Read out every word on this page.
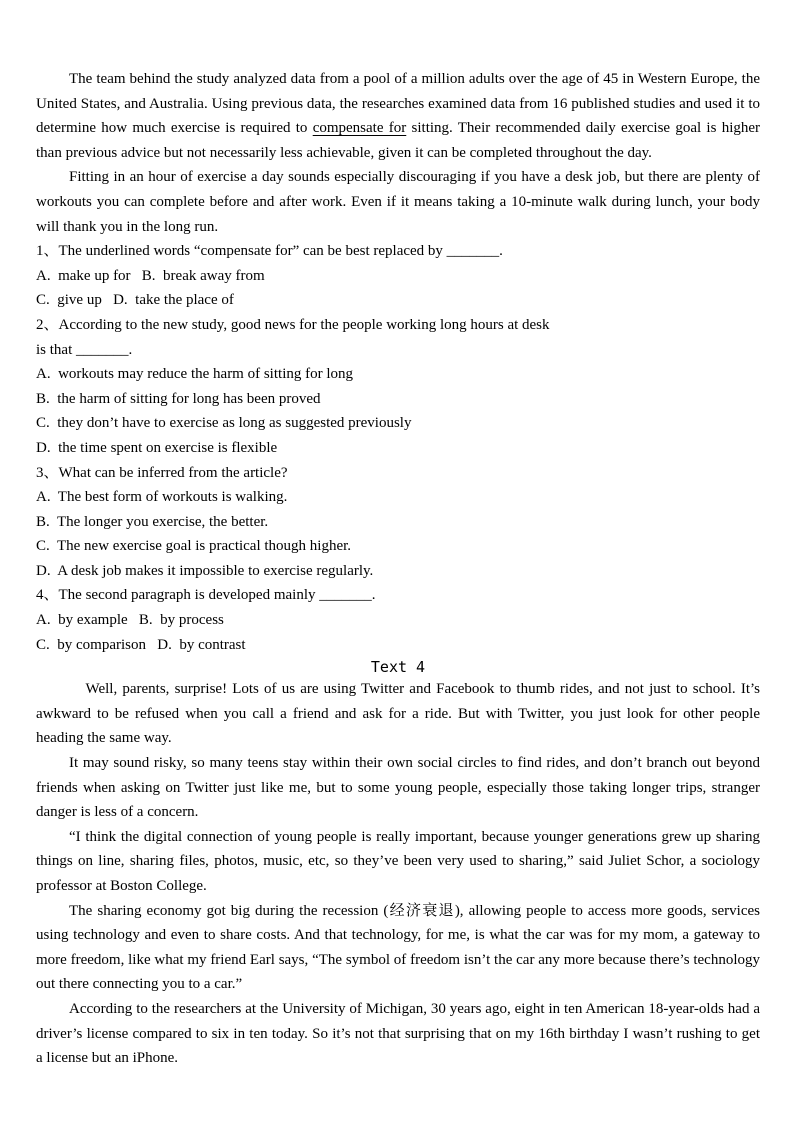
The team behind the study analyzed data from a pool of a million adults over the age of 45 in Western Europe, the United States, and Australia. Using previous data, the researches examined data from 16 published studies and used it to determine how much exercise is required to compensate for sitting. Their recommended daily exercise goal is higher than previous advice but not necessarily less achievable, given it can be completed throughout the day.

Fitting in an hour of exercise a day sounds especially discouraging if you have a desk job, but there are plenty of workouts you can complete before and after work. Even if it means taking a 10-minute walk during lunch, your body will thank you in the long run.

1、The underlined words “compensate for” can be best replaced by _______.
A.  make up for   B.  break away from
C.  give up   D.  take the place of
2、According to the new study, good news for the people working long hours at desk
is that _______.
A.  workouts may reduce the harm of sitting for long
B.  the harm of sitting for long has been proved
C.  they don’t have to exercise as long as suggested previously
D.  the time spent on exercise is flexible
3、What can be inferred from the article?
A.  The best form of workouts is walking.
B.  The longer you exercise, the better.
C.  The new exercise goal is practical though higher.
D.  A desk job makes it impossible to exercise regularly.
4、The second paragraph is developed mainly _______.
A.  by example   B.  by process
C.  by comparison   D.  by contrast
Text 4

Well, parents, surprise! Lots of us are using Twitter and Facebook to thumb rides, and not just to school. It’s awkward to be refused when you call a friend and ask for a ride. But with Twitter, you just look for other people heading the same way.

It may sound risky, so many teens stay within their own social circles to find rides, and don’t branch out beyond friends when asking on Twitter just like me, but to some young people, especially those taking longer trips, stranger danger is less of a concern.

“I think the digital connection of young people is really important, because younger generations grew up sharing things on line, sharing files, photos, music, etc, so they’ve been very used to sharing,” said Juliet Schor, a sociology professor at Boston College.

The sharing economy got big during the recession (经济衰退), allowing people to access more goods, services using technology and even to share costs. And that technology, for me, is what the car was for my mom, a gateway to more freedom, like what my friend Earl says, “The symbol of freedom isn’t the car any more because there’s technology out there connecting you to a car.”

According to the researchers at the University of Michigan, 30 years ago, eight in ten American 18-year-olds had a driver’s license compared to six in ten today. So it’s not that surprising that on my 16th birthday I wasn’t rushing to get a license but an iPhone.
